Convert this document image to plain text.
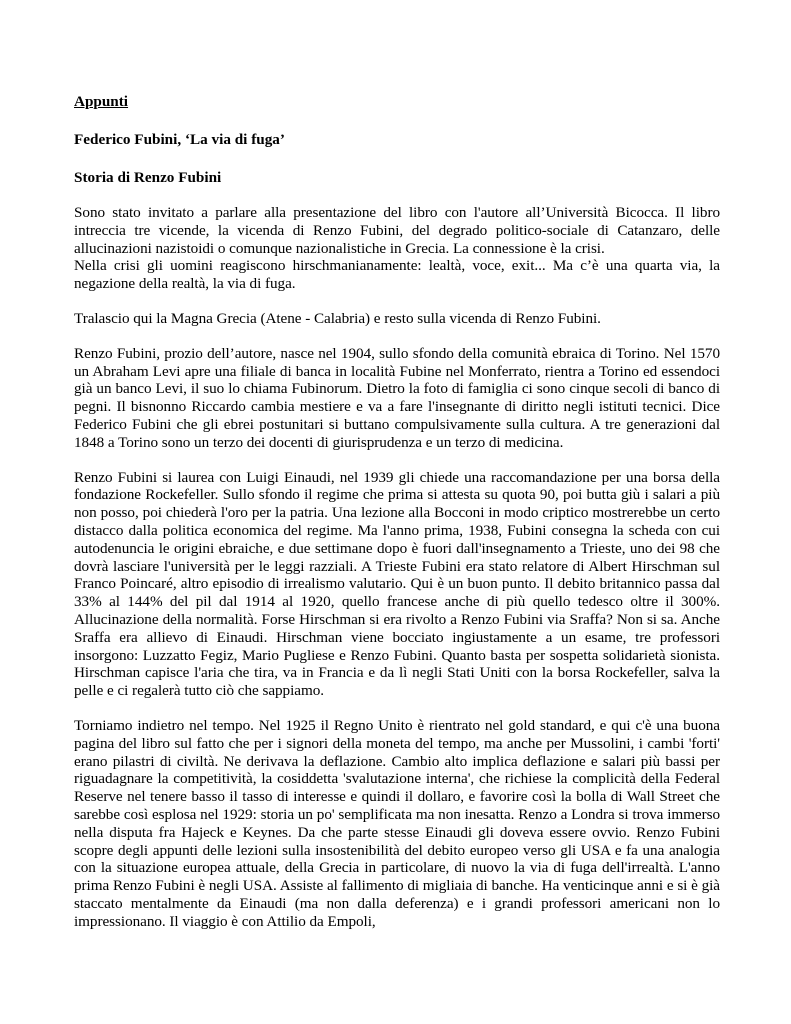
Appunti

Federico Fubini, ‘La via di fuga’

Storia di Renzo Fubini

Sono stato invitato a parlare alla presentazione del libro con l'autore all’Università Bicocca. Il libro intreccia tre vicende, la vicenda di Renzo Fubini, del degrado politico-sociale di Catanzaro, delle allucinazioni nazistoidi o comunque nazionalistiche in Grecia. La connessione è la crisi.

Nella crisi gli uomini reagiscono hirschmanianamente: lealtà, voce, exit... Ma c’è una quarta via, la negazione della realtà, la via di fuga.

Tralascio qui la Magna Grecia (Atene - Calabria) e resto sulla vicenda di Renzo Fubini.

Renzo Fubini, prozio dell’autore, nasce nel 1904, sullo sfondo della comunità ebraica di Torino. Nel 1570 un Abraham Levi apre una filiale di banca in località Fubine nel Monferrato, rientra a Torino ed essendoci già un banco Levi, il suo lo chiama Fubinorum. Dietro la foto di famiglia ci sono cinque secoli di banco di pegni. Il bisnonno Riccardo cambia mestiere e va a fare l'insegnante di diritto negli istituti tecnici. Dice Federico Fubini che gli ebrei postunitari si buttano compulsivamente sulla cultura. A tre generazioni dal 1848 a Torino sono un terzo dei docenti di giurisprudenza e un terzo di medicina.

Renzo Fubini si laurea con Luigi Einaudi, nel 1939 gli chiede una raccomandazione per una borsa della fondazione Rockefeller. Sullo sfondo il regime che prima si attesta su quota 90, poi butta giù i salari a più non posso, poi chiederà l'oro per la patria. Una lezione alla Bocconi in modo criptico mostrerebbe un certo distacco dalla politica economica del regime. Ma l'anno prima, 1938, Fubini consegna la scheda con cui autodenuncia le origini ebraiche, e due settimane dopo è fuori dall'insegnamento a Trieste, uno dei 98 che dovrà lasciare l'università per le leggi razziali. A Trieste Fubini era stato relatore di Albert Hirschman sul Franco Poincaré, altro episodio di irrealismo valutario. Qui è un buon punto. Il debito britannico passa dal 33% al 144% del pil dal 1914 al 1920, quello francese anche di più quello tedesco oltre il 300%. Allucinazione della normalità. Forse Hirschman si era rivolto a Renzo Fubini via Sraffa? Non si sa. Anche Sraffa era allievo di Einaudi. Hirschman viene bocciato ingiustamente a un esame, tre professori insorgono: Luzzatto Fegiz, Mario Pugliese e Renzo Fubini. Quanto basta per sospetta solidarietà sionista. Hirschman capisce l'aria che tira, va in Francia e da lì negli Stati Uniti con la borsa Rockefeller, salva la pelle e ci regalerà tutto ciò che sappiamo.

Torniamo indietro nel tempo. Nel 1925 il Regno Unito è rientrato nel gold standard, e qui c'è una buona pagina del libro sul fatto che per i signori della moneta del tempo, ma anche per Mussolini, i cambi 'forti' erano pilastri di civiltà. Ne derivava la deflazione. Cambio alto implica deflazione e salari più bassi per riguadagnare la competitività, la cosiddetta 'svalutazione interna', che richiese la complicità della Federal Reserve nel tenere basso il tasso di interesse e quindi il dollaro, e favorire così la bolla di Wall Street che sarebbe così esplosa nel 1929: storia un po' semplificata ma non inesatta. Renzo a Londra si trova immerso nella disputa fra Hajeck e Keynes. Da che parte stesse Einaudi gli doveva essere ovvio. Renzo Fubini scopre degli appunti delle lezioni sulla insostenibilità del debito europeo verso gli USA e fa una analogia con la situazione europea attuale, della Grecia in particolare, di nuovo la via di fuga dell'irrealtà. L'anno prima Renzo Fubini è negli USA. Assiste al fallimento di migliaia di banche. Ha venticinque anni e si è già staccato mentalmente da Einaudi (ma non dalla deferenza) e i grandi professori americani non lo impressionano. Il viaggio è con Attilio da Empoli,
